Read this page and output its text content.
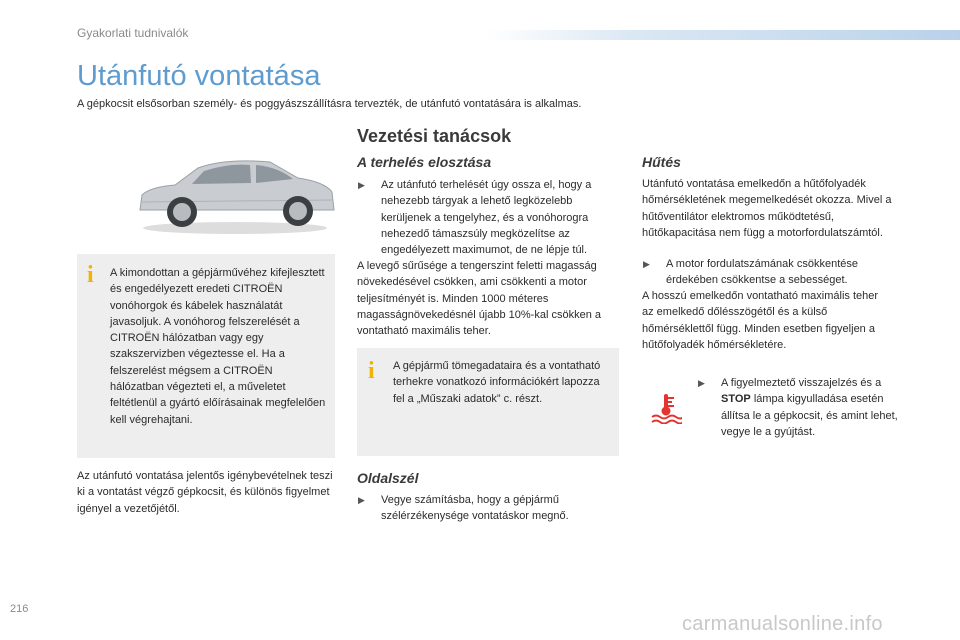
Gyakorlati tudnivalók
Utánfutó vontatása
A gépkocsit elsősorban személy- és poggyászszállításra tervezték, de utánfutó vontatására is alkalmas.
i A kimondottan a gépjárművéhez kifejlesztett és engedélyezett eredeti CITROËN vonóhorgok és kábelek használatát javasoljuk. A vonóhorog felszerelését a CITROËN hálózatban vagy egy szakszervizben végeztesse el. Ha a felszerelést mégsem a CITROËN hálózatban végezteti el, a műveletet feltétlenül a gyártó előírásainak megfelelően kell végrehajtani.
Az utánfutó vontatása jelentős igénybevételnek teszi ki a vontatást végző gépkocsit, és különös figyelmet igényel a vezetőjétől.
Vezetési tanácsok
A terhelés elosztása
▶	Az utánfutó terhelését úgy ossza el, hogy a nehezebb tárgyak a lehető legközelebb kerüljenek a tengelyhez, és a vonóhorogra nehezedő támaszsúly megközelítse az engedélyezett maximumot, de ne lépje túl.
A levegő sűrűsége a tengerszint feletti magasság növekedésével csökken, ami csökkenti a motor teljesítményét is. Minden 1000 méteres magasságnövekedésnél újabb 10%-kal csökken a vontatható maximális teher.
i A gépjármű tömegadataira és a vontatható terhekre vonatkozó információkért lapozza fel a „Műszaki adatok” c. részt.
Oldalszél
▶	Vegye számításba, hogy a gépjármű szélérzékenysége vontatáskor megnő.
Hűtés
Utánfutó vontatása emelkedőn a hűtőfolyadék hőmérsékletének megemelkedését okozza. Mivel a hűtőventilátor elektromos működtetésű, hűtőkapacitása nem függ a motorfordulatszámtól.
▶	A motor fordulatszámának csökkentése érdekében csökkentse a sebességet.
A hosszú emelkedőn vontatható maximális teher az emelkedő dőlésszögétől és a külső hőmérséklettől függ. Minden esetben figyeljen a hűtőfolyadék hőmérsékletére.
▶	A figyelmeztető visszajelzés és a STOP lámpa kigyulladása esetén állítsa le a gépkocsit, és amint lehet, vegye le a gyújtást.
216
carmanualsonline.info
